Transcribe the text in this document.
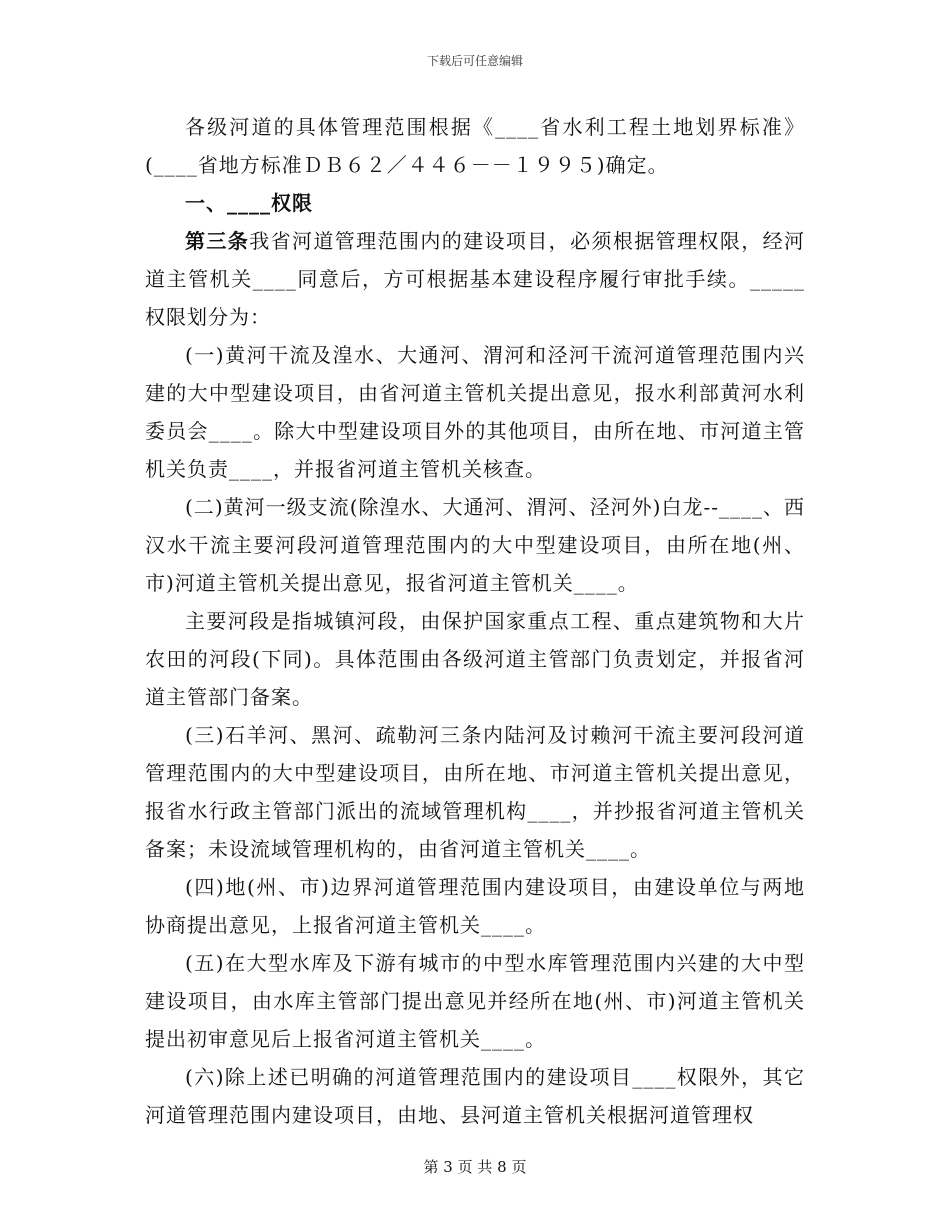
下载后可任意编辑

各级河道的具体管理范围根据《____省水利工程土地划界标准》(____省地方标准ＤＢ６２／４４６－－１９９５)确定。

一、____权限

第三条我省河道管理范围内的建设项目，必须根据管理权限，经河道主管机关____同意后，方可根据基本建设程序履行审批手续。_____权限划分为：

(一)黄河干流及湟水、大通河、渭河和泾河干流河道管理范围内兴建的大中型建设项目，由省河道主管机关提出意见，报水利部黄河水利委员会____。除大中型建设项目外的其他项目，由所在地、市河道主管机关负责____，并报省河道主管机关核查。

(二)黄河一级支流(除湟水、大通河、渭河、泾河外)白龙--____、西汉水干流主要河段河道管理范围内的大中型建设项目，由所在地(州、市)河道主管机关提出意见，报省河道主管机关____。

主要河段是指城镇河段，由保护国家重点工程、重点建筑物和大片农田的河段(下同)。具体范围由各级河道主管部门负责划定，并报省河道主管部门备案。

(三)石羊河、黑河、疏勒河三条内陆河及讨赖河干流主要河段河道管理范围内的大中型建设项目，由所在地、市河道主管机关提出意见，报省水行政主管部门派出的流域管理机构____，并抄报省河道主管机关备案；未设流域管理机构的，由省河道主管机关____。

(四)地(州、市)边界河道管理范围内建设项目，由建设单位与两地协商提出意见，上报省河道主管机关____。

(五)在大型水库及下游有城市的中型水库管理范围内兴建的大中型建设项目，由水库主管部门提出意见并经所在地(州、市)河道主管机关提出初审意见后上报省河道主管机关____。

(六)除上述已明确的河道管理范围内的建设项目____权限外，其它河道管理范围内建设项目，由地、县河道主管机关根据河道管理权

第 3 页 共 8 页
